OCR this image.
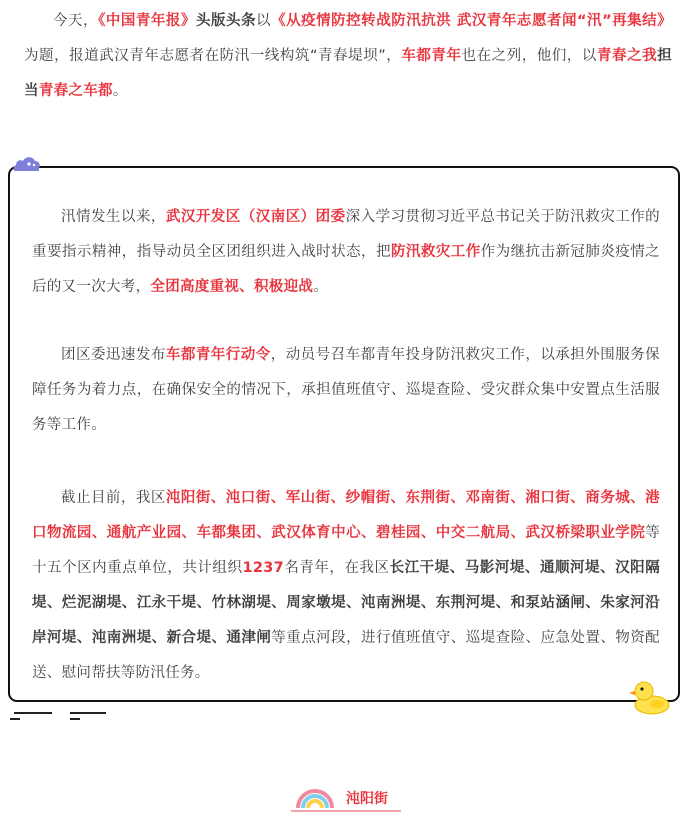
今天，《中国青年报》头版头条以《从疫情防控转战防汛抗洪 武汉青年志愿者闻“汛”再集结》为题，报道武汉青年志愿者在防汛一线构筑“青春堤坝”，车都青年也在之列，他们，以青春之我担当青春之车都。

汛情发生以来，武汉开发区（汉南区）团委深入学习贯彻习近平总书记关于防汛救灾工作的重要指示精神，指导动员全区团组织进入战时状态，把防汛救灾工作作为继抗击新冠肺炎疫情之后的又一次大考，全团高度重视、积极迎战。

团区委迅速发布车都青年行动令，动员号召车都青年投身防汛救灾工作，以承担外围服务保障任务为着力点，在确保安全的情况下，承担值班值守、巡堤查险、受灾群众集中安置点生活服务等工作。

截止目前，我区沌阳街、沌口街、军山街、纱帽街、东荆街、邓南街、湘口街、商务城、港口物流园、通航产业园、车都集团、武汉体育中心、碧桂园、中交二航局、武汉桥梁职业学院等十五个区内重点单位，共计组织1237名青年，在我区长江干堤、马影河堤、通顺河堤、汉阳隔堤、烂泥湖堤、江永干堤、竹林湖堤、周家墩堤、沌南洲堤、东荆河堤、和泵站涵闸、朱家河沿岸河堤、沌南洲堤、新合堤、通津闸等重点河段，进行值班值守、巡堤查险、应急处置、物资配送、慰问帮扶等防汛任务。

沌阳街
